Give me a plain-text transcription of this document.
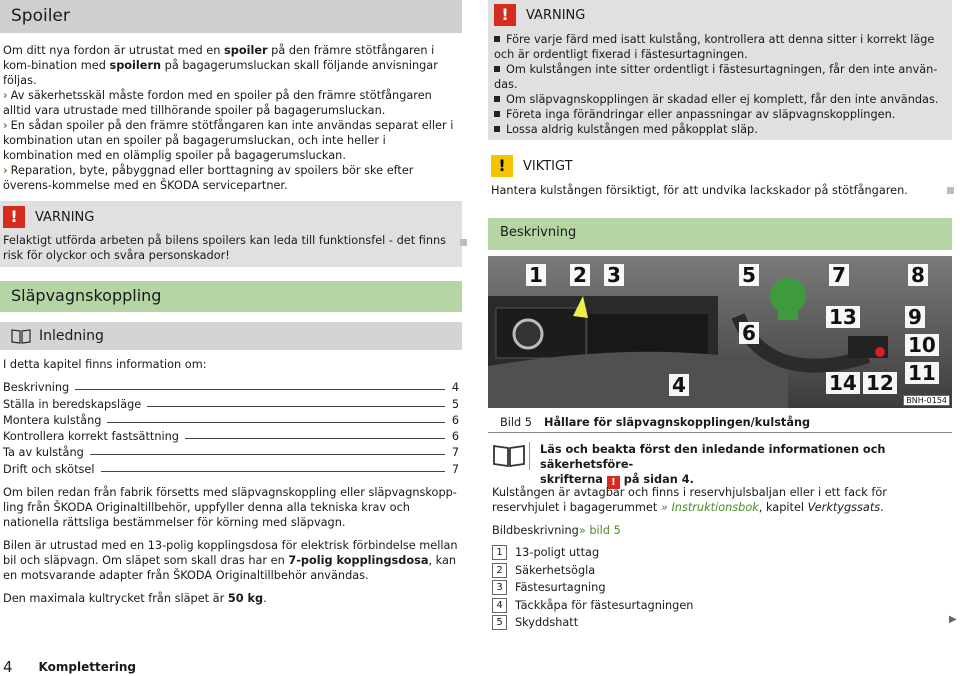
Spoiler

Om ditt nya fordon är utrustat med en spoiler på den främre stötfångaren i kom-bination med spoilern på bagagerumsluckan skall följande anvisningar följas.

› Av säkerhetsskäl måste fordon med en spoiler på den främre stötfångaren alltid vara utrustade med tillhörande spoiler på bagagerumsluckan.

› En sådan spoiler på den främre stötfångaren kan inte användas separat eller i kombination utan en spoiler på bagagerumsluckan, och inte heller i kombination med en olämplig spoiler på bagagerumsluckan.

› Reparation, byte, påbyggnad eller borttagning av spoilers bör ske efter överens-kommelse med en ŠKODA servicepartner.

!	VARNING

Felaktigt utförda arbeten på bilens spoilers kan leda till funktionsfel - det finns risk för olyckor och svåra personskador!

Släpvagnskoppling
Inledning

I detta kapitel finns information om:

Beskrivning	4
Ställa in beredskapsläge	5
Montera kulstång	6
Kontrollera korrekt fastsättning	6
Ta av kulstång	7
Drift och skötsel	7

Om bilen redan från fabrik försetts med släpvagnskoppling eller släpvagnskopp-ling från ŠKODA Originaltillbehör, uppfyller denna alla tekniska krav och nationella rättsliga bestämmelser för körning med släpvagn.

Bilen är utrustad med en 13-polig kopplingsdosa för elektrisk förbindelse mellan bil och släpvagn. Om släpet som skall dras har en 7-polig kopplingsdosa, kan en motsvarande adapter från ŠKODA Originaltillbehör användas.

Den maximala kultrycket från släpet är 50 kg.

4 Komplettering
!	VARNING
Före varje färd med isatt kulstång, kontrollera att denna sitter i korrekt läge och är ordentligt fixerad i fästesurtagningen.
Om kulstången inte sitter ordentligt i fästesurtagningen, får den inte använ-das.
Om släpvagnskopplingen är skadad eller ej komplett, får den inte användas.
Företa inga förändringar eller anpassningar av släpvagnskopplingen.
Lossa aldrig kulstången med påkopplat släp.
!	VIKTIGT

Hantera kulstången försiktigt, för att undvika lackskador på stötfångaren.

Beskrivning
1 2 3
4
5
6
7	8
9
10
11
12
14
13
BNH-0154
Bild 5 Hållare för släpvagnskopplingen/kulstång
Läs och beakta först den inledande informationen och säkerhetsföre-
skrifterna ! på sidan 4.

Kulstången är avtagbar och finns i reservhjulsbaljan eller i ett fack för reservhjulet i bagagerummet » Instruktionsbok, kapitel Verktygssats.

Bildbeskrivning» bild 5

1	13-poligt uttag
2	Säkerhetsögla
3	Fästesurtagning
4	Täckkåpa för fästesurtagningen
5	Skyddshatt	▶
